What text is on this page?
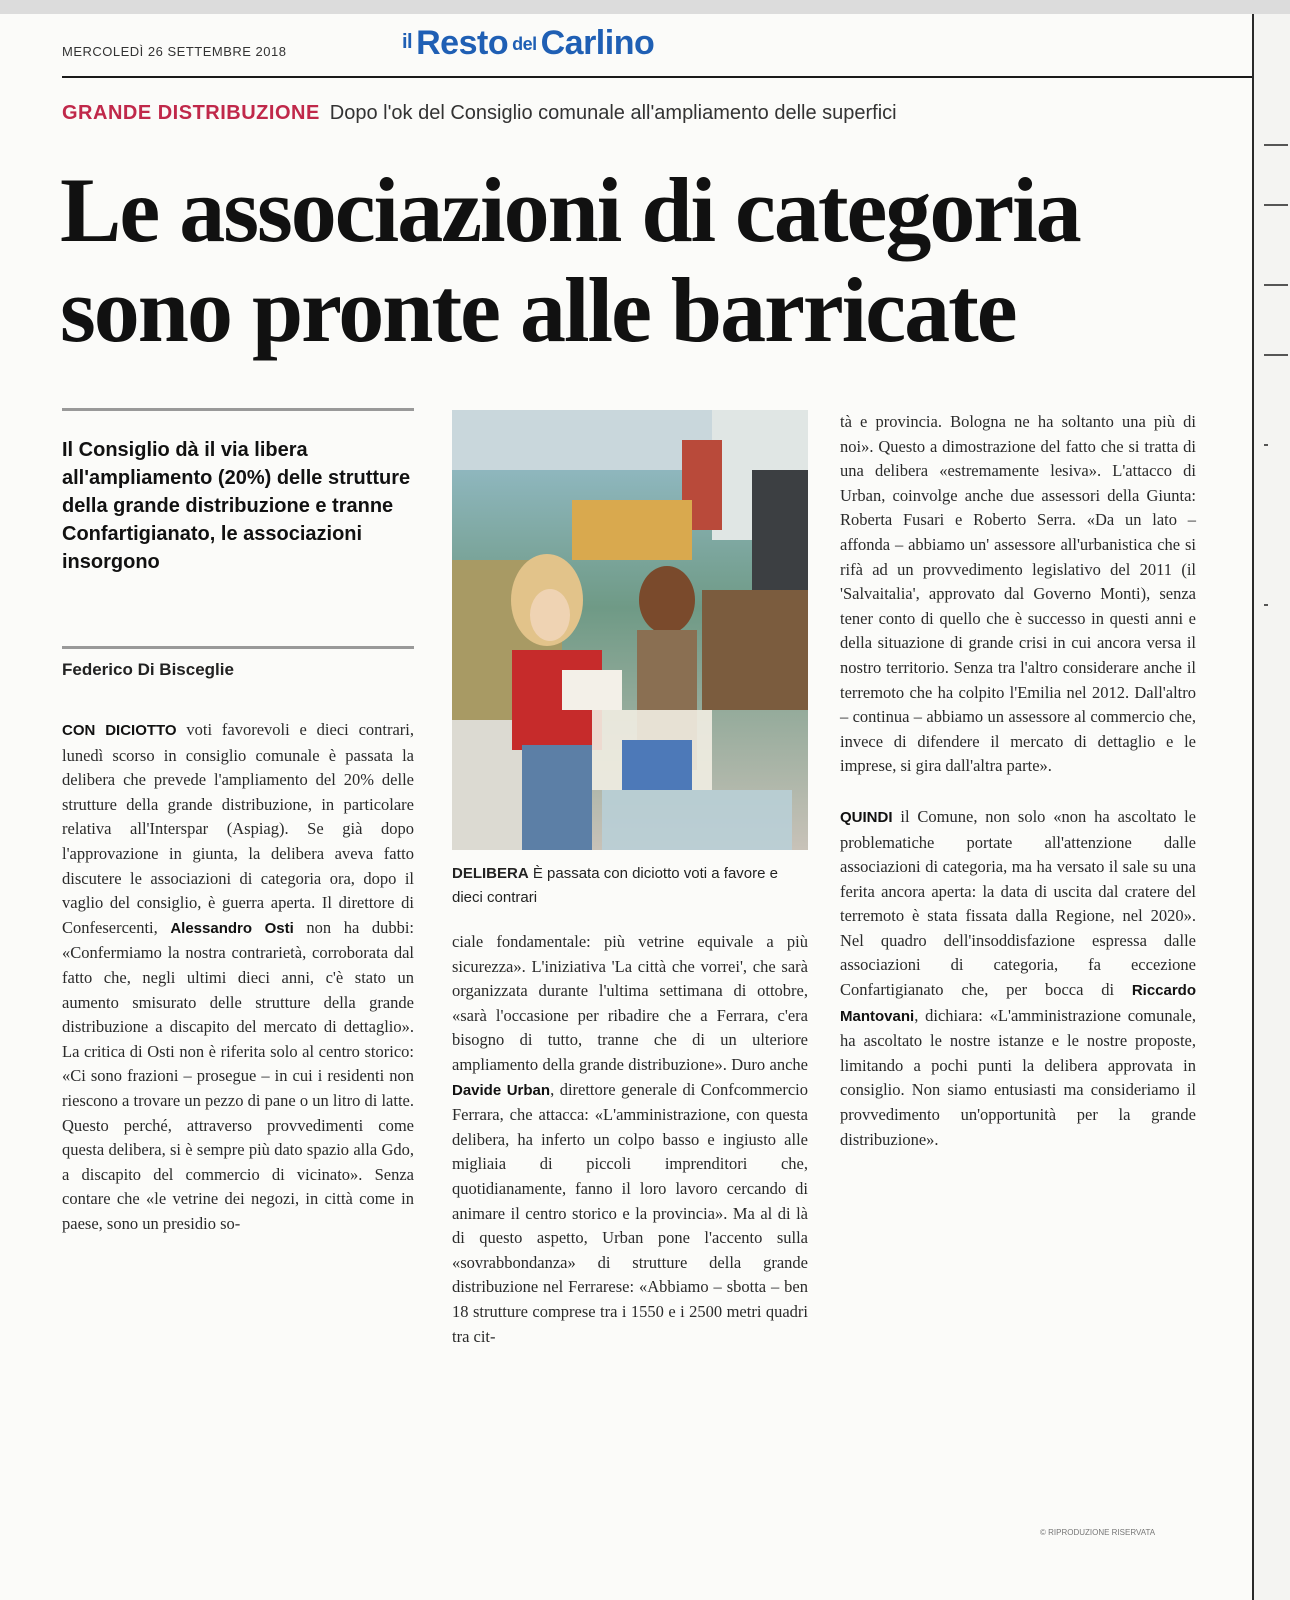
MERCOLEDÌ 26 SETTEMBRE 2018	il Resto del Carlino
GRANDE DISTRIBUZIONE Dopo l'ok del Consiglio comunale all'ampliamento delle superfici
Le associazioni di categoria
sono pronte alle barricate
Il Consiglio dà il via libera all'ampliamento (20%) delle strutture della grande distribuzione e tranne Confartigianato, le associazioni insorgono
Federico Di Bisceglie

CON DICIOTTO voti favorevoli e dieci contrari, lunedì scorso in consiglio comunale è passata la delibera che prevede l'ampliamento del 20% delle strutture della grande distribuzione, in particolare relativa all'Interspar (Aspiag). Se già dopo l'approvazione in giunta, la delibera aveva fatto discutere le associazioni di categoria ora, dopo il vaglio del consiglio, è guerra aperta. Il direttore di Confesercenti, Alessandro Osti non ha dubbi: «Confermiamo la nostra contrarietà, corroborata dal fatto che, negli ultimi dieci anni, c'è stato un aumento smisurato delle strutture della grande distribuzione a discapito del mercato di dettaglio». La critica di Osti non è riferita solo al centro storico: «Ci sono frazioni – prosegue – in cui i residenti non riescono a trovare un pezzo di pane o un litro di latte. Questo perché, attraverso provvedimenti come questa delibera, si è sempre più dato spazio alla Gdo, a discapito del commercio di vicinato». Senza contare che «le vetrine dei negozi, in città come in paese, sono un presidio so-

DELIBERA È passata con diciotto voti a favore e dieci contrari

ciale fondamentale: più vetrine equivale a più sicurezza». L'iniziativa 'La città che vorrei', che sarà organizzata durante l'ultima settimana di ottobre, «sarà l'occasione per ribadire che a Ferrara, c'era bisogno di tutto, tranne che di un ulteriore ampliamento della grande distribuzione». Duro anche Davide Urban, direttore generale di Confcommercio Ferrara, che attacca: «L'amministrazione, con questa delibera, ha inferto un colpo basso e ingiusto alle migliaia di piccoli imprenditori che, quotidianamente, fanno il loro lavoro cercando di animare il centro storico e la provincia». Ma al di là di questo aspetto, Urban pone l'accento sulla «sovrabbondanza» di strutture della grande distribuzione nel Ferrarese: «Abbiamo – sbotta – ben 18 strutture comprese tra i 1550 e i 2500 metri quadri tra cit-

tà e provincia. Bologna ne ha soltanto una più di noi». Questo a dimostrazione del fatto che si tratta di una delibera «estremamente lesiva». L'attacco di Urban, coinvolge anche due assessori della Giunta: Roberta Fusari e Roberto Serra. «Da un lato – affonda – abbiamo un' assessore all'urbanistica che si rifà ad un provvedimento legislativo del 2011 (il 'Salvaitalia', approvato dal Governo Monti), senza tener conto di quello che è successo in questi anni e della situazione di grande crisi in cui ancora versa il nostro territorio. Senza tra l'altro considerare anche il terremoto che ha colpito l'Emilia nel 2012. Dall'altro – continua – abbiamo un assessore al commercio che, invece di difendere il mercato di dettaglio e le imprese, si gira dall'altra parte».

QUINDI il Comune, non solo «non ha ascoltato le problematiche portate all'attenzione dalle associazioni di categoria, ma ha versato il sale su una ferita ancora aperta: la data di uscita dal cratere del terremoto è stata fissata dalla Regione, nel 2020». Nel quadro dell'insoddisfazione espressa dalle associazioni di categoria, fa eccezione Confartigianato che, per bocca di Riccardo Mantovani, dichiara: «L'amministrazione comunale, ha ascoltato le nostre istanze e le nostre proposte, limitando a pochi punti la delibera approvata in consiglio. Non siamo entusiasti ma consideriamo il provvedimento un'opportunità per la grande distribuzione».

© RIPRODUZIONE RISERVATA
